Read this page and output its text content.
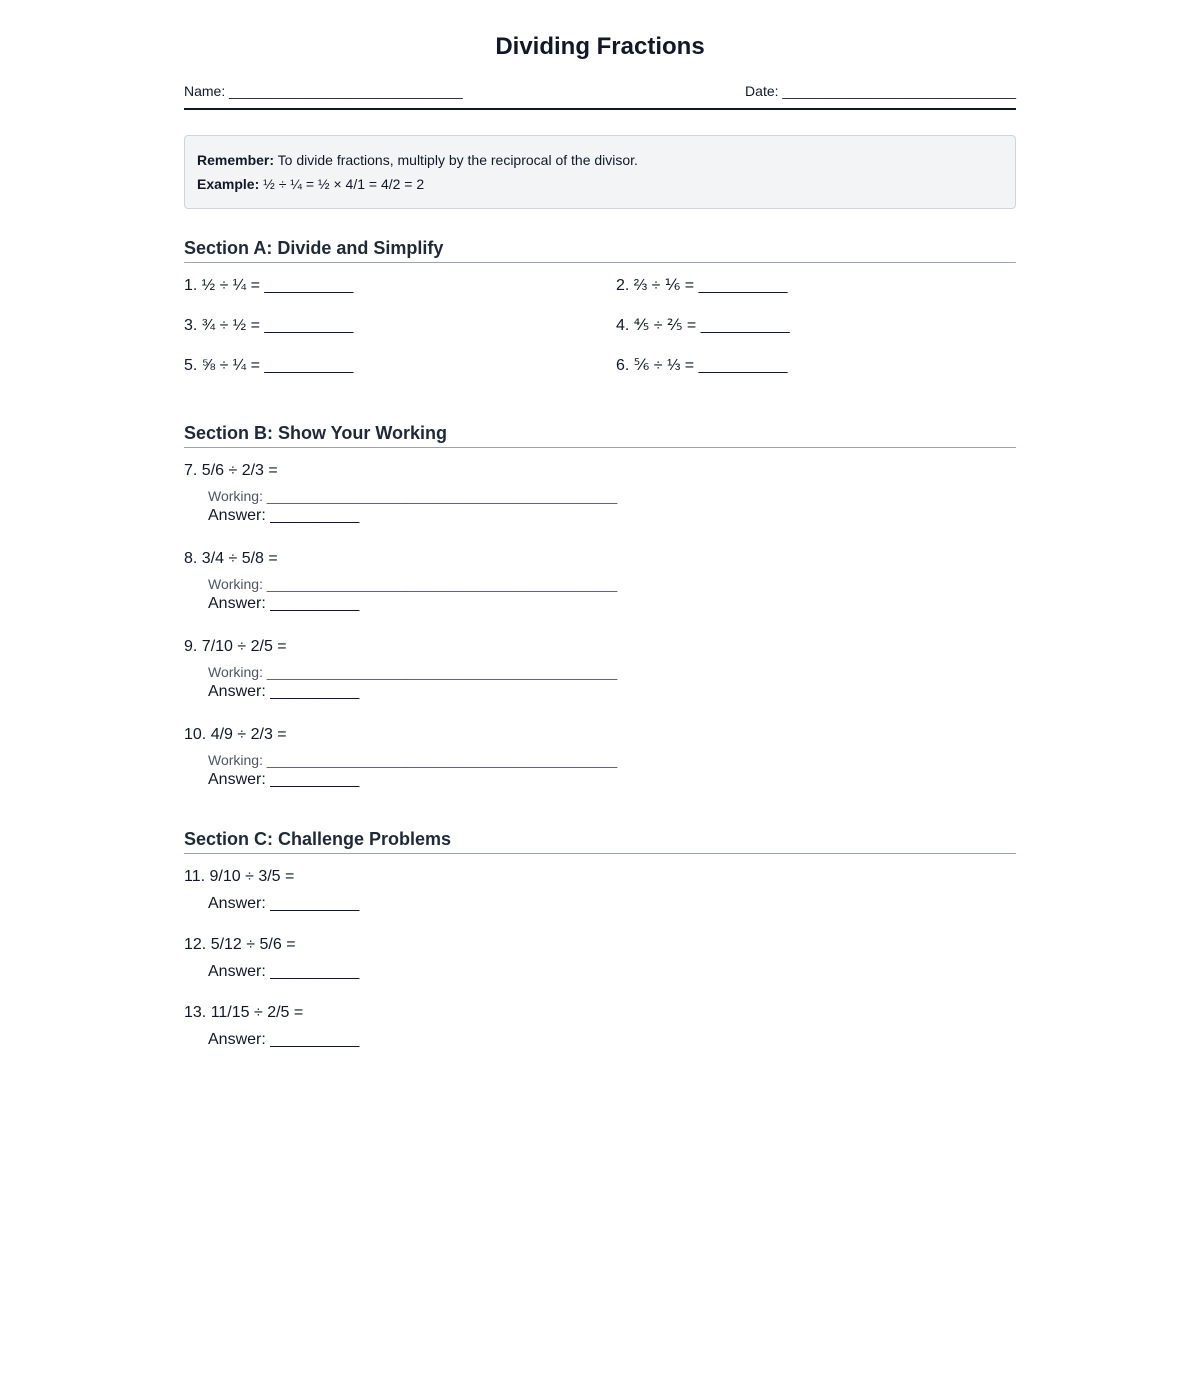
Dividing Fractions
Name: ______________________________	Date: ______________________________
Remember: To divide fractions, multiply by the reciprocal of the divisor.
Example: ½ ÷ ¼ = ½ × 4/1 = 4/2 = 2
Section A: Divide and Simplify
1. ½ ÷ ¼ = __________	2. ⅔ ÷ ⅙ = __________
3. ¾ ÷ ½ = __________	4. ⅘ ÷ ⅖ = __________
5. ⅝ ÷ ¼ = __________	6. ⅚ ÷ ⅓ = __________
Section B: Show Your Working
7. 5/6 ÷ 2/3 =
Working: _____________________________________________
Answer: __________
8. 3/4 ÷ 5/8 =
Working: _____________________________________________
Answer: __________
9. 7/10 ÷ 2/5 =
Working: _____________________________________________
Answer: __________
10. 4/9 ÷ 2/3 =
Working: _____________________________________________
Answer: __________
Section C: Challenge Problems
11. 9/10 ÷ 3/5 =
Answer: __________
12. 5/12 ÷ 5/6 =
Answer: __________
13. 11/15 ÷ 2/5 =
Answer: __________
